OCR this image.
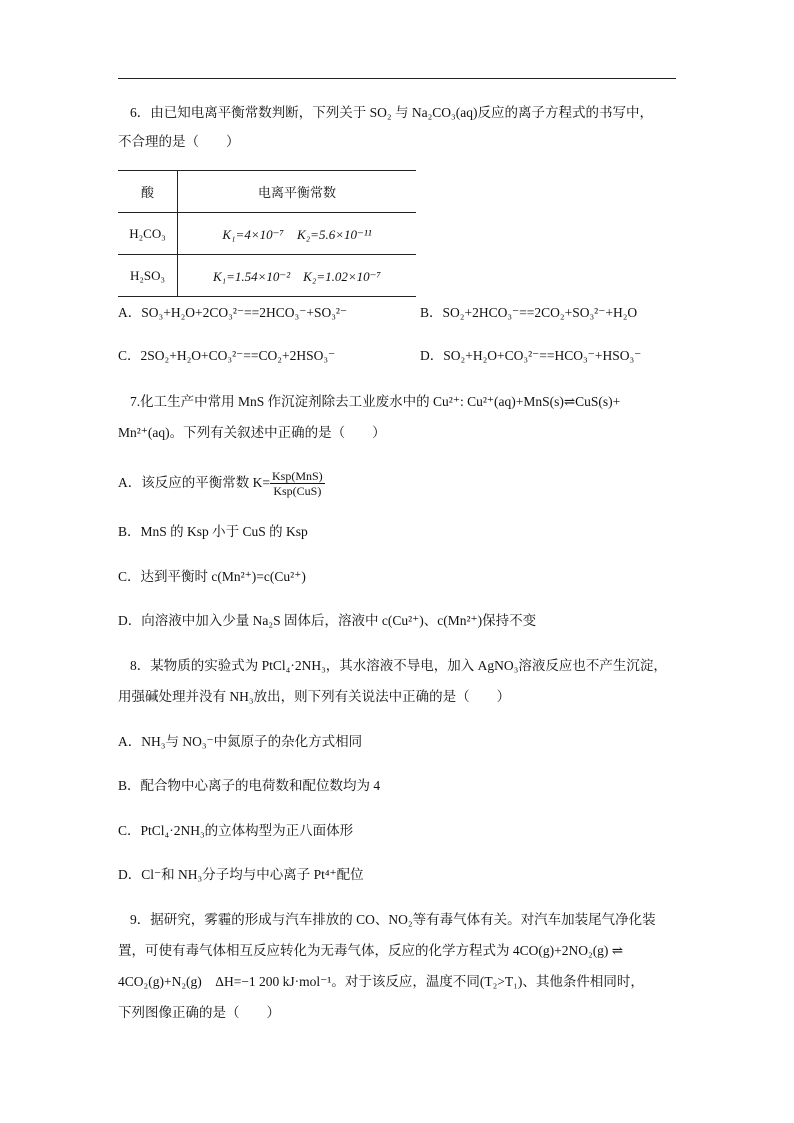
6．由已知电离平衡常数判断，下列关于 SO₂ 与 Na₂CO₃(aq)反应的离子方程式的书写中，
不合理的是（　　）
酸	电离平衡常数
H₂CO₃	K₁=4×10⁻⁷　K₂=5.6×10⁻¹¹
H₂SO₃	K₁=1.54×10⁻²　K₂=1.02×10⁻⁷
A．SO₃+H₂O+2CO₃²⁻==2HCO₃⁻+SO₃²⁻	B．SO₂+2HCO₃⁻==2CO₂+SO₃²⁻+H₂O
C．2SO₂+H₂O+CO₃²⁻==CO₂+2HSO₃⁻	D．SO₂+H₂O+CO₃²⁻==HCO₃⁻+HSO₃⁻
7.化工生产中常用 MnS 作沉淀剂除去工业废水中的 Cu²⁺: Cu²⁺(aq)+MnS(s)⇌CuS(s)+
Mn²⁺(aq)。下列有关叙述中正确的是（　　）
A．该反应的平衡常数 $K= \frac{\text{Ksp(MnS)}}{\text{Ksp(CuS)}}$
B．MnS 的 Ksp 小于 CuS 的 Ksp
C．达到平衡时 c(Mn²⁺)=c(Cu²⁺)
D．向溶液中加入少量 Na₂S 固体后，溶液中 c(Cu²⁺)、c(Mn²⁺)保持不变
8．某物质的实验式为 PtCl₄·2NH₃，其水溶液不导电，加入 AgNO₃溶液反应也不产生沉淀，
用强碱处理并没有 NH₃放出，则下列有关说法中正确的是（　　）
A．NH₃与 NO₃⁻中氮原子的杂化方式相同
B．配合物中心离子的电荷数和配位数均为 4
C．PtCl₄·2NH₃的立体构型为正八面体形
D．Cl⁻和 NH₃分子均与中心离子 Pt⁴⁺配位
9．据研究，雾霾的形成与汽车排放的 CO、NO₂等有毒气体有关。对汽车加装尾气净化装
置，可使有毒气体相互反应转化为无毒气体，反应的化学方程式为 4CO(g)+2NO₂(g) ⇌
4CO₂(g)+N₂(g)　ΔH=−1 200 kJ·mol⁻¹。对于该反应，温度不同(T₂>T₁)、其他条件相同时，
下列图像正确的是（　　）
